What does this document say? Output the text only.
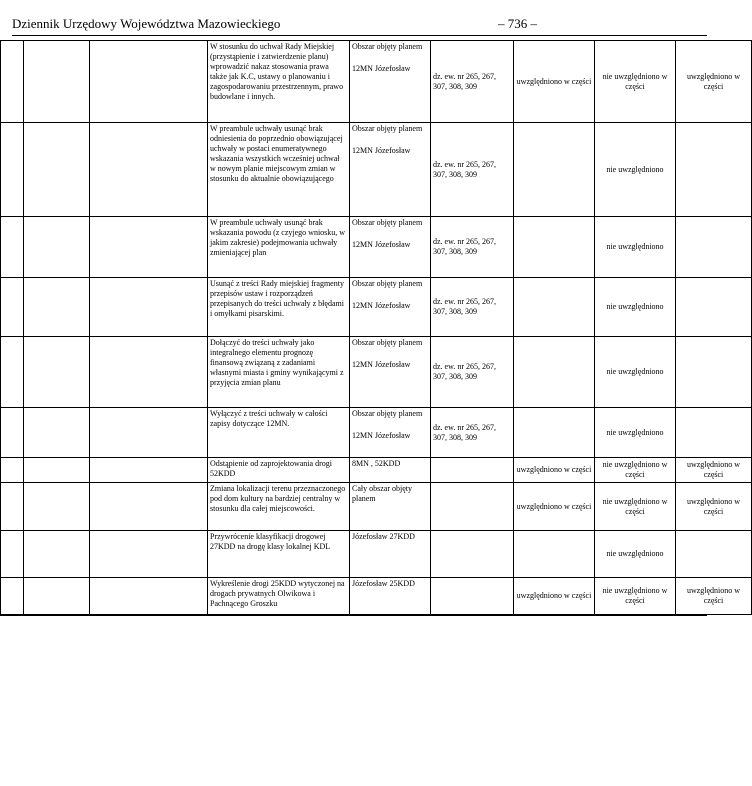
Dziennik Urzędowy Województwa Mazowieckiego	– 736 –
			W stosunku do uchwał Rady Miejskiej (przystąpienie i zatwierdzenie planu) wprowadzić nakaz stosowania prawa także jak K.C, ustawy o planowaniu i zagospodarowaniu przestrzennym, prawo budowlane i innych.	Obszar objęty planem
12MN Józefosław	dz. ew. nr 265, 267, 307, 308, 309	uwzględniono w części	nie uwzględniono w części	uwzględniono w części
			W preambule uchwały usunąć brak odniesienia do poprzednio obowiązującej uchwały w postaci enumeratywnego wskazania wszystkich wcześniej uchwał w nowym planie miejscowym zmian w stosunku do aktualnie obowiązującego	Obszar objęty planem
12MN Józefosław	dz. ew. nr 265, 267, 307, 308, 309		nie uwzględniono	
			W preambule uchwały usunąć brak wskazania powodu (z czyjego wniosku, w jakim zakresie) podejmowania uchwały zmieniającej plan	Obszar objęty planem
12MN Józefosław	dz. ew. nr 265, 267, 307, 308, 309		nie uwzględniono	
			Usunąć z treści Rady miejskiej fragmenty przepisów ustaw i rozporządzeń przepisanych do treści uchwały z błędami i omyłkami pisarskimi.	Obszar objęty planem
12MN Józefosław	dz. ew. nr 265, 267, 307, 308, 309		nie uwzględniono	
			Dołączyć do treści uchwały jako integralnego elementu prognozę finansową związaną z zadaniami własnymi miasta i gminy wynikającymi z przyjęcia zmian planu	Obszar objęty planem
12MN Józefosław	dz. ew. nr 265, 267, 307, 308, 309		nie uwzględniono	
			Wyłączyć z treści uchwały w całości zapisy dotyczące 12MN.	Obszar objęty planem
12MN Józefosław	dz. ew. nr 265, 267, 307, 308, 309		nie uwzględniono	
			Odstąpienie od zaprojektowania drogi 52KDD	8MN , 52KDD		uwzględniono w części	nie uwzględniono w części	uwzględniono w części
			Zmiana lokalizacji terenu przeznaczonego pod dom kultury na bardziej centralny w stosunku dla całej miejscowości.	Cały obszar objęty planem		uwzględniono w części	nie uwzględniono w części	uwzględniono w części
			Przywrócenie klasyfikacji drogowej 27KDD na drogę klasy lokalnej KDL	Józefosław 27KDD			nie uwzględniono	
			Wykreślenie drogi 25KDD wytyczonej na drogach prywatnych Olwikowa i Pachnącego Groszku	Józefosław 25KDD		uwzględniono w części	nie uwzględniono w części	uwzględniono w części
